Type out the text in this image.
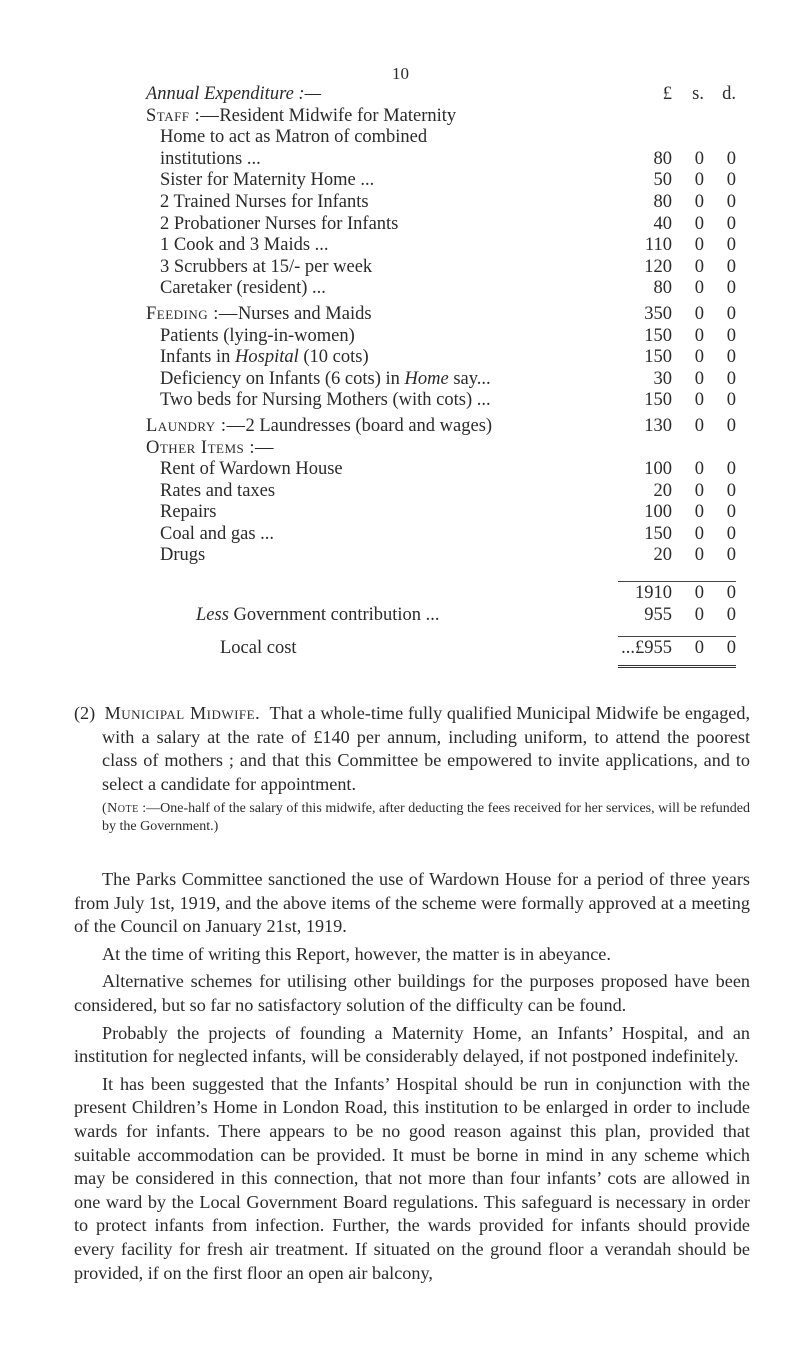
10
Annual Expenditure :—	£ s. d.
Staff :—Resident Midwife for Maternity
Home to act as Matron of combined
institutions ...	80 0 0
Sister for Maternity Home ...	50 0 0
2 Trained Nurses for Infants	80 0 0
2 Probationer Nurses for Infants	40 0 0
1 Cook and 3 Maids ...	110 0 0
3 Scrubbers at 15/- per week	120 0 0
Caretaker (resident) ...	80 0 0
Feeding :—Nurses and Maids	350 0 0
Patients (lying-in-women)	150 0 0
Infants in Hospital (10 cots)	150 0 0
Deficiency on Infants (6 cots) in Home say...	30 0 0
Two beds for Nursing Mothers (with cots) ...	150 0 0
Laundry :—2 Laundresses (board and wages)	130 0 0
Other Items :—
Rent of Wardown House	100 0 0
Rates and taxes	20 0 0
Repairs	100 0 0
Coal and gas ...	150 0 0
Drugs	20 0 0
1910 0 0
Less Government contribution ...	955 0 0
Local cost	...£955 0 0

(2) Municipal Midwife. That a whole-time fully qualified Municipal Midwife be engaged, with a salary at the rate of £140 per annum, including uniform, to attend the poorest class of mothers ; and that this Committee be empowered to invite applications, and to select a candidate for appointment.

(Note :—One-half of the salary of this midwife, after deducting the fees received for her services, will be refunded by the Government.)

The Parks Committee sanctioned the use of Wardown House for a period of three years from July 1st, 1919, and the above items of the scheme were formally approved at a meeting of the Council on January 21st, 1919.

At the time of writing this Report, however, the matter is in abeyance.

Alternative schemes for utilising other buildings for the purposes proposed have been considered, but so far no satisfactory solution of the difficulty can be found.

Probably the projects of founding a Maternity Home, an Infants’ Hospital, and an institution for neglected infants, will be considerably delayed, if not postponed indefinitely.

It has been suggested that the Infants’ Hospital should be run in conjunction with the present Children’s Home in London Road, this institution to be enlarged in order to include wards for infants. There appears to be no good reason against this plan, provided that suitable accommodation can be provided. It must be borne in mind in any scheme which may be considered in this connection, that not more than four infants’ cots are allowed in one ward by the Local Government Board regulations. This safeguard is necessary in order to protect infants from infection. Further, the wards provided for infants should provide every facility for fresh air treatment. If situated on the ground floor a verandah should be provided, if on the first floor an open air balcony,
